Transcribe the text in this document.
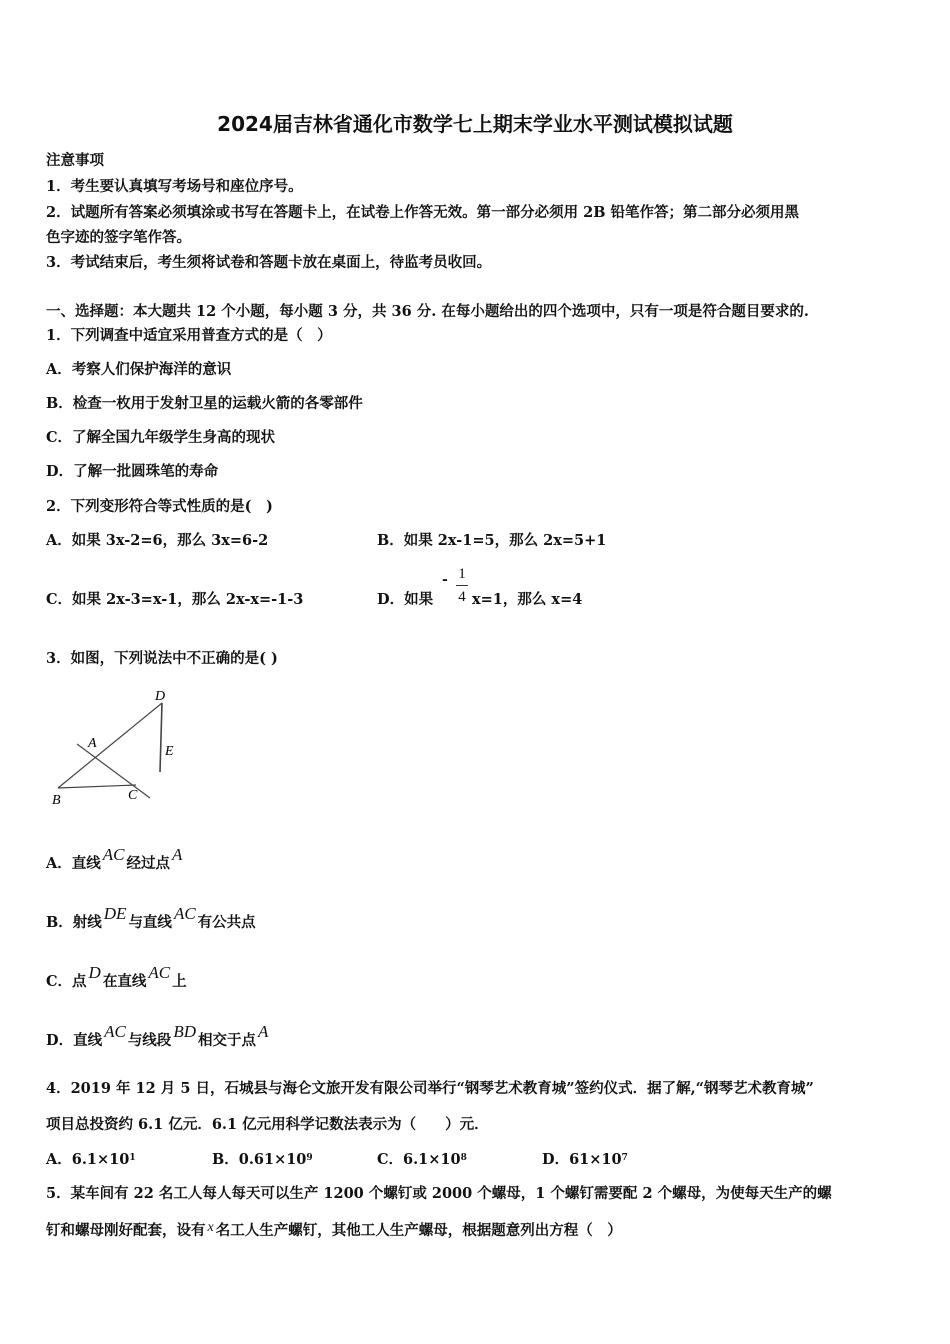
2024届吉林省通化市数学七上期末学业水平测试模拟试题
注意事项
1．考生要认真填写考场号和座位序号。
2．试题所有答案必须填涂或书写在答题卡上，在试卷上作答无效。第一部分必须用 2B 铅笔作答；第二部分必须用黑
色字迹的签字笔作答。
3．考试结束后，考生须将试卷和答题卡放在桌面上，待监考员收回。
一、选择题：本大题共 12 个小题，每小题 3 分，共 36 分. 在每小题给出的四个选项中，只有一项是符合题目要求的.
1．下列调查中适宜采用普查方式的是（　）
A．考察人们保护海洋的意识
B．检查一枚用于发射卫星的运载火箭的各零部件
C．了解全国九年级学生身高的现状
D．了解一批圆珠笔的寿命
2．下列变形符合等式性质的是(　)
A．如果 3x-2=6，那么 3x=6-2	B．如果 2x-1=5，那么 2x=5+1
C．如果 2x-3=x-1，那么 2x-x=-1-3	D．如果
- 1
4 x=1，那么 x=4
3．如图，下列说法中不正确的是( )
D
A
E
B	C
A．直线 AC 经过点 A
B．射线 DE 与直线 AC 有公共点
C．点 D 在直线 AC 上
D．直线 AC 与线段 BD 相交于点 A
4．2019 年 12 月 5 日，石城县与海仑文旅开发有限公司举行“钢琴艺术教育城”签约仪式．据了解,“钢琴艺术教育城”
项目总投资约 6.1 亿元．6.1 亿元用科学记数法表示为（　　）元．
A．$6.1\times 10^1$	B．$0.61\times 10^9$	C．$6.1\times 10^8$	D．$61\times 10^7$
5．某车间有 22 名工人每人每天可以生产 1200 个螺钉或 2000 个螺母，1 个螺钉需要配 2 个螺母，为使每天生产的螺
钉和螺母刚好配套，设有 x 名工人生产螺钉，其他工人生产螺母，根据题意列出方程（　）
